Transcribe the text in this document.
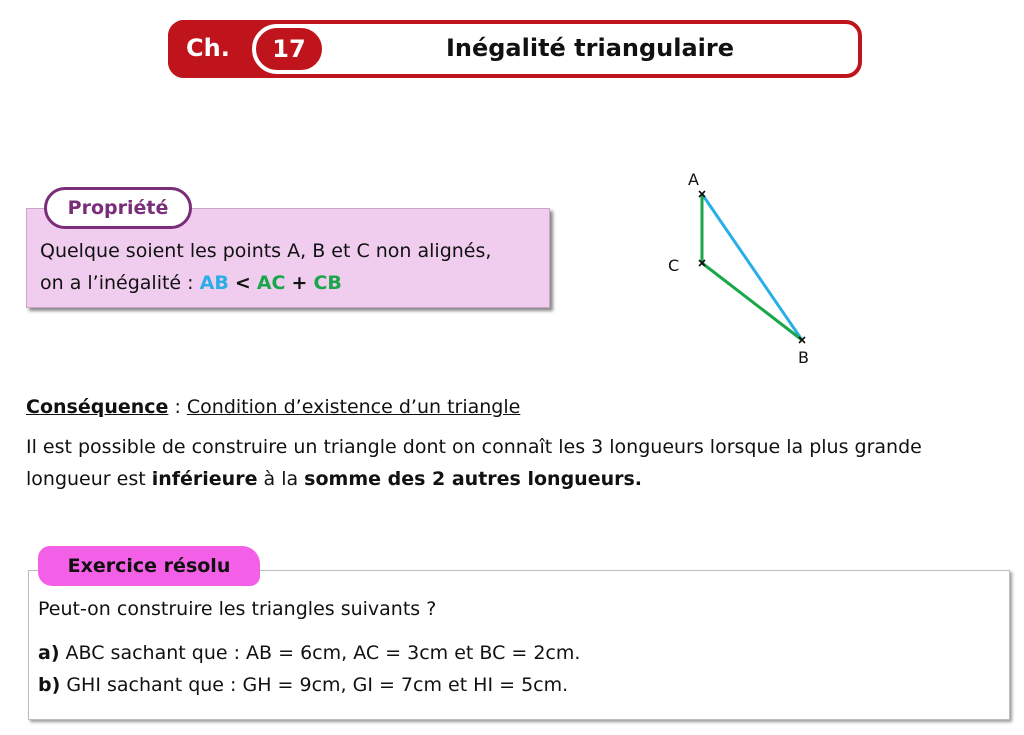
Ch. 17	Inégalité triangulaire
Propriété
Quelque soient les points A, B et C non alignés,
on a l’inégalité : AB < AC + CB
A
C
B
Conséquence : Condition d’existence d’un triangle
Il est possible de construire un triangle dont on connaît les 3 longueurs lorsque la plus grande
longueur est inférieure à la somme des 2 autres longueurs.
Exercice résolu
Peut-on construire les triangles suivants ?
a) ABC sachant que : AB = 6cm, AC = 3cm et BC = 2cm.
b) GHI sachant que : GH = 9cm, GI = 7cm et HI = 5cm.
